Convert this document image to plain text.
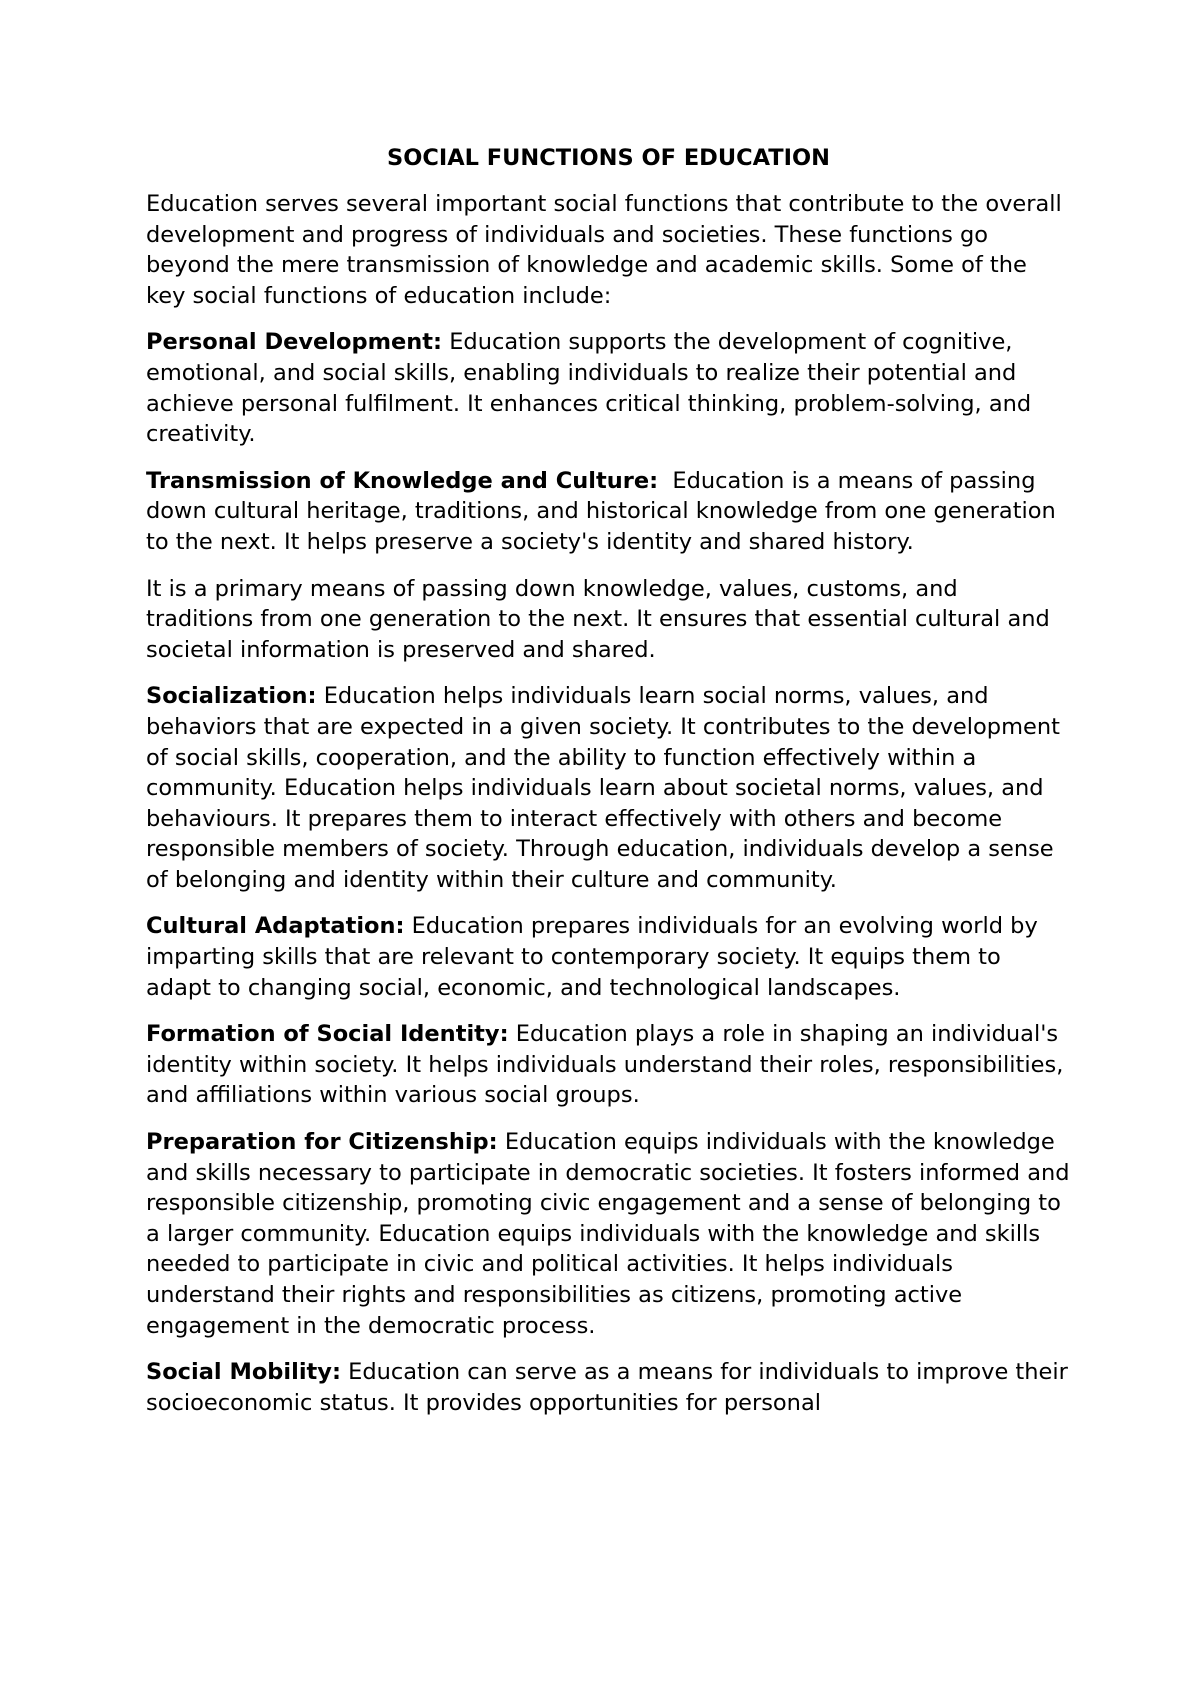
SOCIAL FUNCTIONS OF EDUCATION

Education serves several important social functions that contribute to the overall development and progress of individuals and societies. These functions go beyond the mere transmission of knowledge and academic skills. Some of the key social functions of education include:

Personal Development: Education supports the development of cognitive, emotional, and social skills, enabling individuals to realize their potential and achieve personal fulfilment. It enhances critical thinking, problem-solving, and creativity.

Transmission of Knowledge and Culture:  Education is a means of passing down cultural heritage, traditions, and historical knowledge from one generation to the next. It helps preserve a society's identity and shared history.

It is a primary means of passing down knowledge, values, customs, and traditions from one generation to the next. It ensures that essential cultural and societal information is preserved and shared.

Socialization: Education helps individuals learn social norms, values, and behaviors that are expected in a given society. It contributes to the development of social skills, cooperation, and the ability to function effectively within a community. Education helps individuals learn about societal norms, values, and behaviours. It prepares them to interact effectively with others and become responsible members of society. Through education, individuals develop a sense of belonging and identity within their culture and community.

Cultural Adaptation: Education prepares individuals for an evolving world by imparting skills that are relevant to contemporary society. It equips them to adapt to changing social, economic, and technological landscapes.

Formation of Social Identity: Education plays a role in shaping an individual's identity within society. It helps individuals understand their roles, responsibilities, and affiliations within various social groups.

Preparation for Citizenship: Education equips individuals with the knowledge and skills necessary to participate in democratic societies. It fosters informed and responsible citizenship, promoting civic engagement and a sense of belonging to a larger community. Education equips individuals with the knowledge and skills needed to participate in civic and political activities. It helps individuals understand their rights and responsibilities as citizens, promoting active engagement in the democratic process.

Social Mobility: Education can serve as a means for individuals to improve their socioeconomic status. It provides opportunities for personal
